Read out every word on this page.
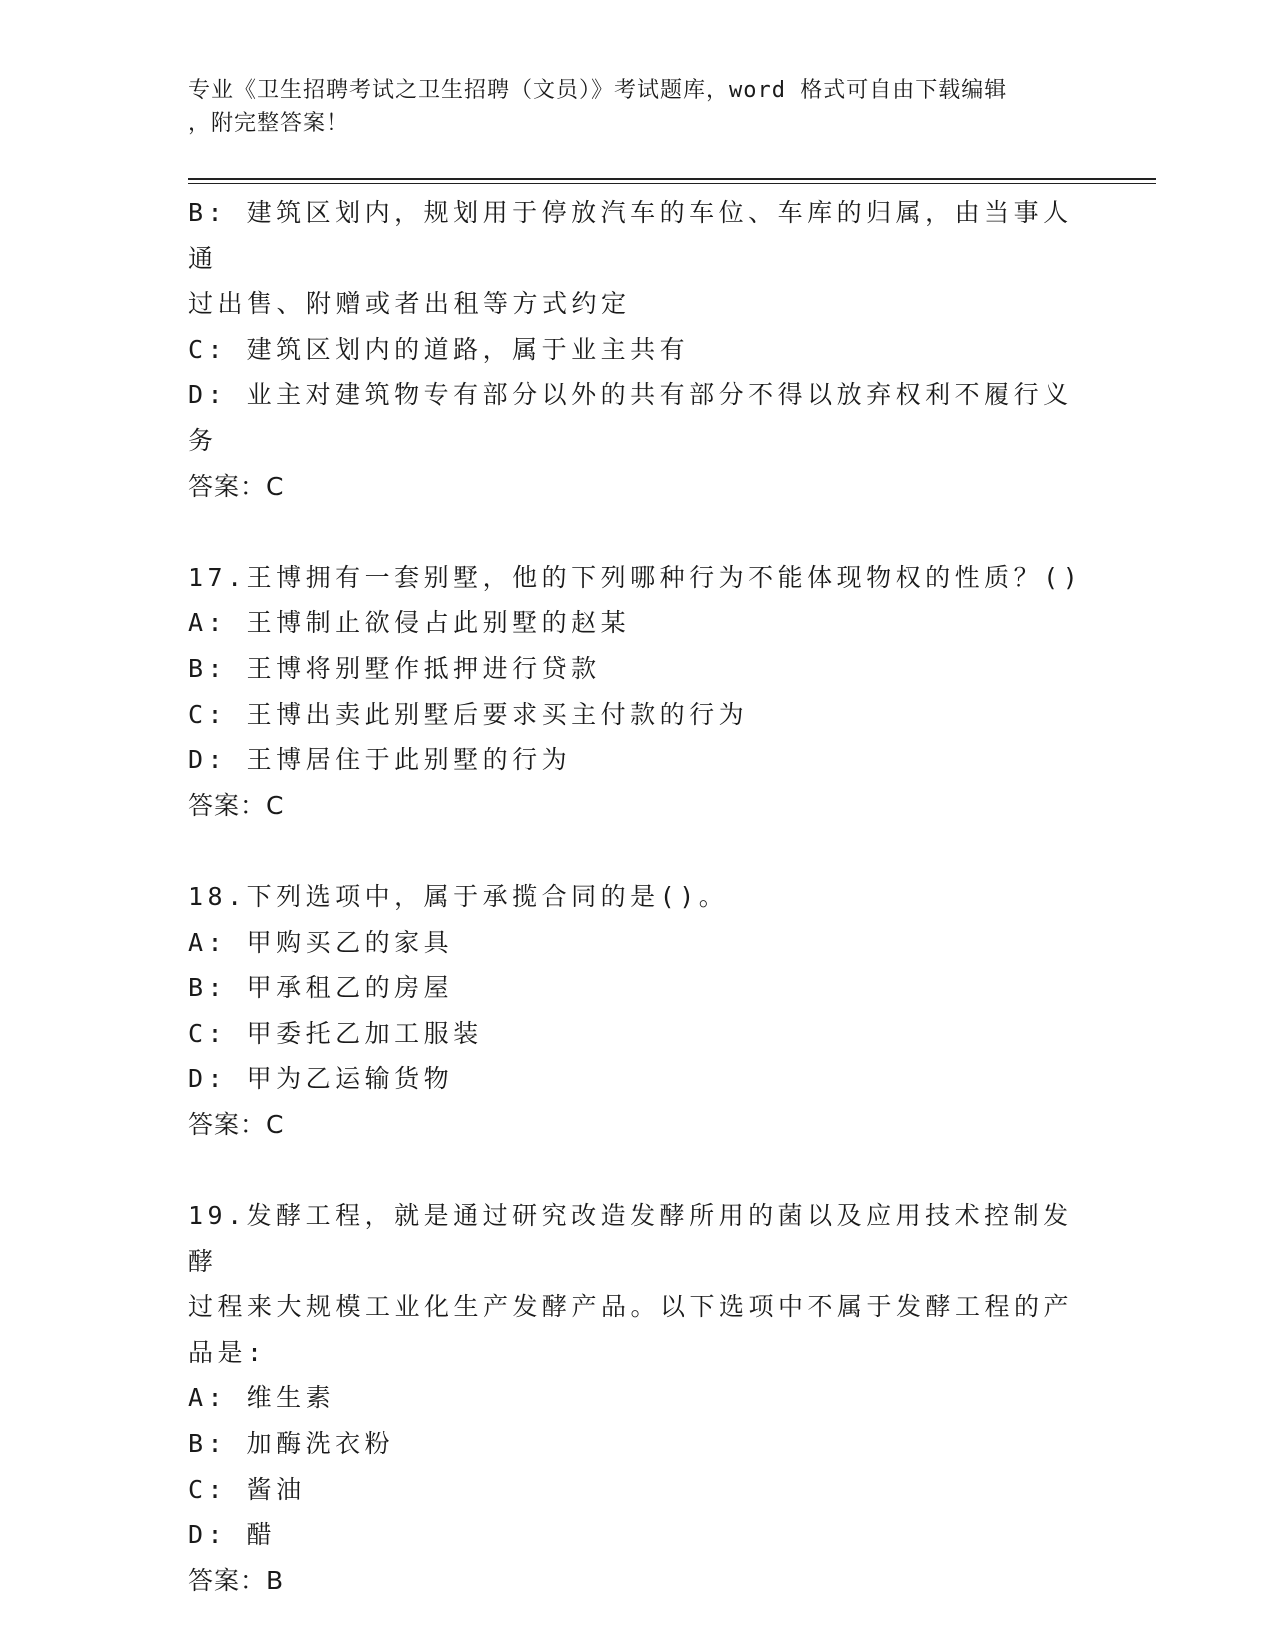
专业《卫生招聘考试之卫生招聘（文员）》考试题库，word 格式可自由下载编辑
，附完整答案！
B: 建筑区划内，规划用于停放汽车的车位、车库的归属，由当事人通
过出售、附赠或者出租等方式约定
C: 建筑区划内的道路，属于业主共有
D: 业主对建筑物专有部分以外的共有部分不得以放弃权利不履行义务
答案：C
17.王博拥有一套别墅，他的下列哪种行为不能体现物权的性质？()
A: 王博制止欲侵占此别墅的赵某
B: 王博将别墅作抵押进行贷款
C: 王博出卖此别墅后要求买主付款的行为
D: 王博居住于此别墅的行为
答案：C
18.下列选项中，属于承揽合同的是()。
A: 甲购买乙的家具
B: 甲承租乙的房屋
C: 甲委托乙加工服装
D: 甲为乙运输货物
答案：C
19.发酵工程，就是通过研究改造发酵所用的菌以及应用技术控制发酵
过程来大规模工业化生产发酵产品。以下选项中不属于发酵工程的产
品是:
A: 维生素
B: 加酶洗衣粉
C: 酱油
D: 醋
答案：B
